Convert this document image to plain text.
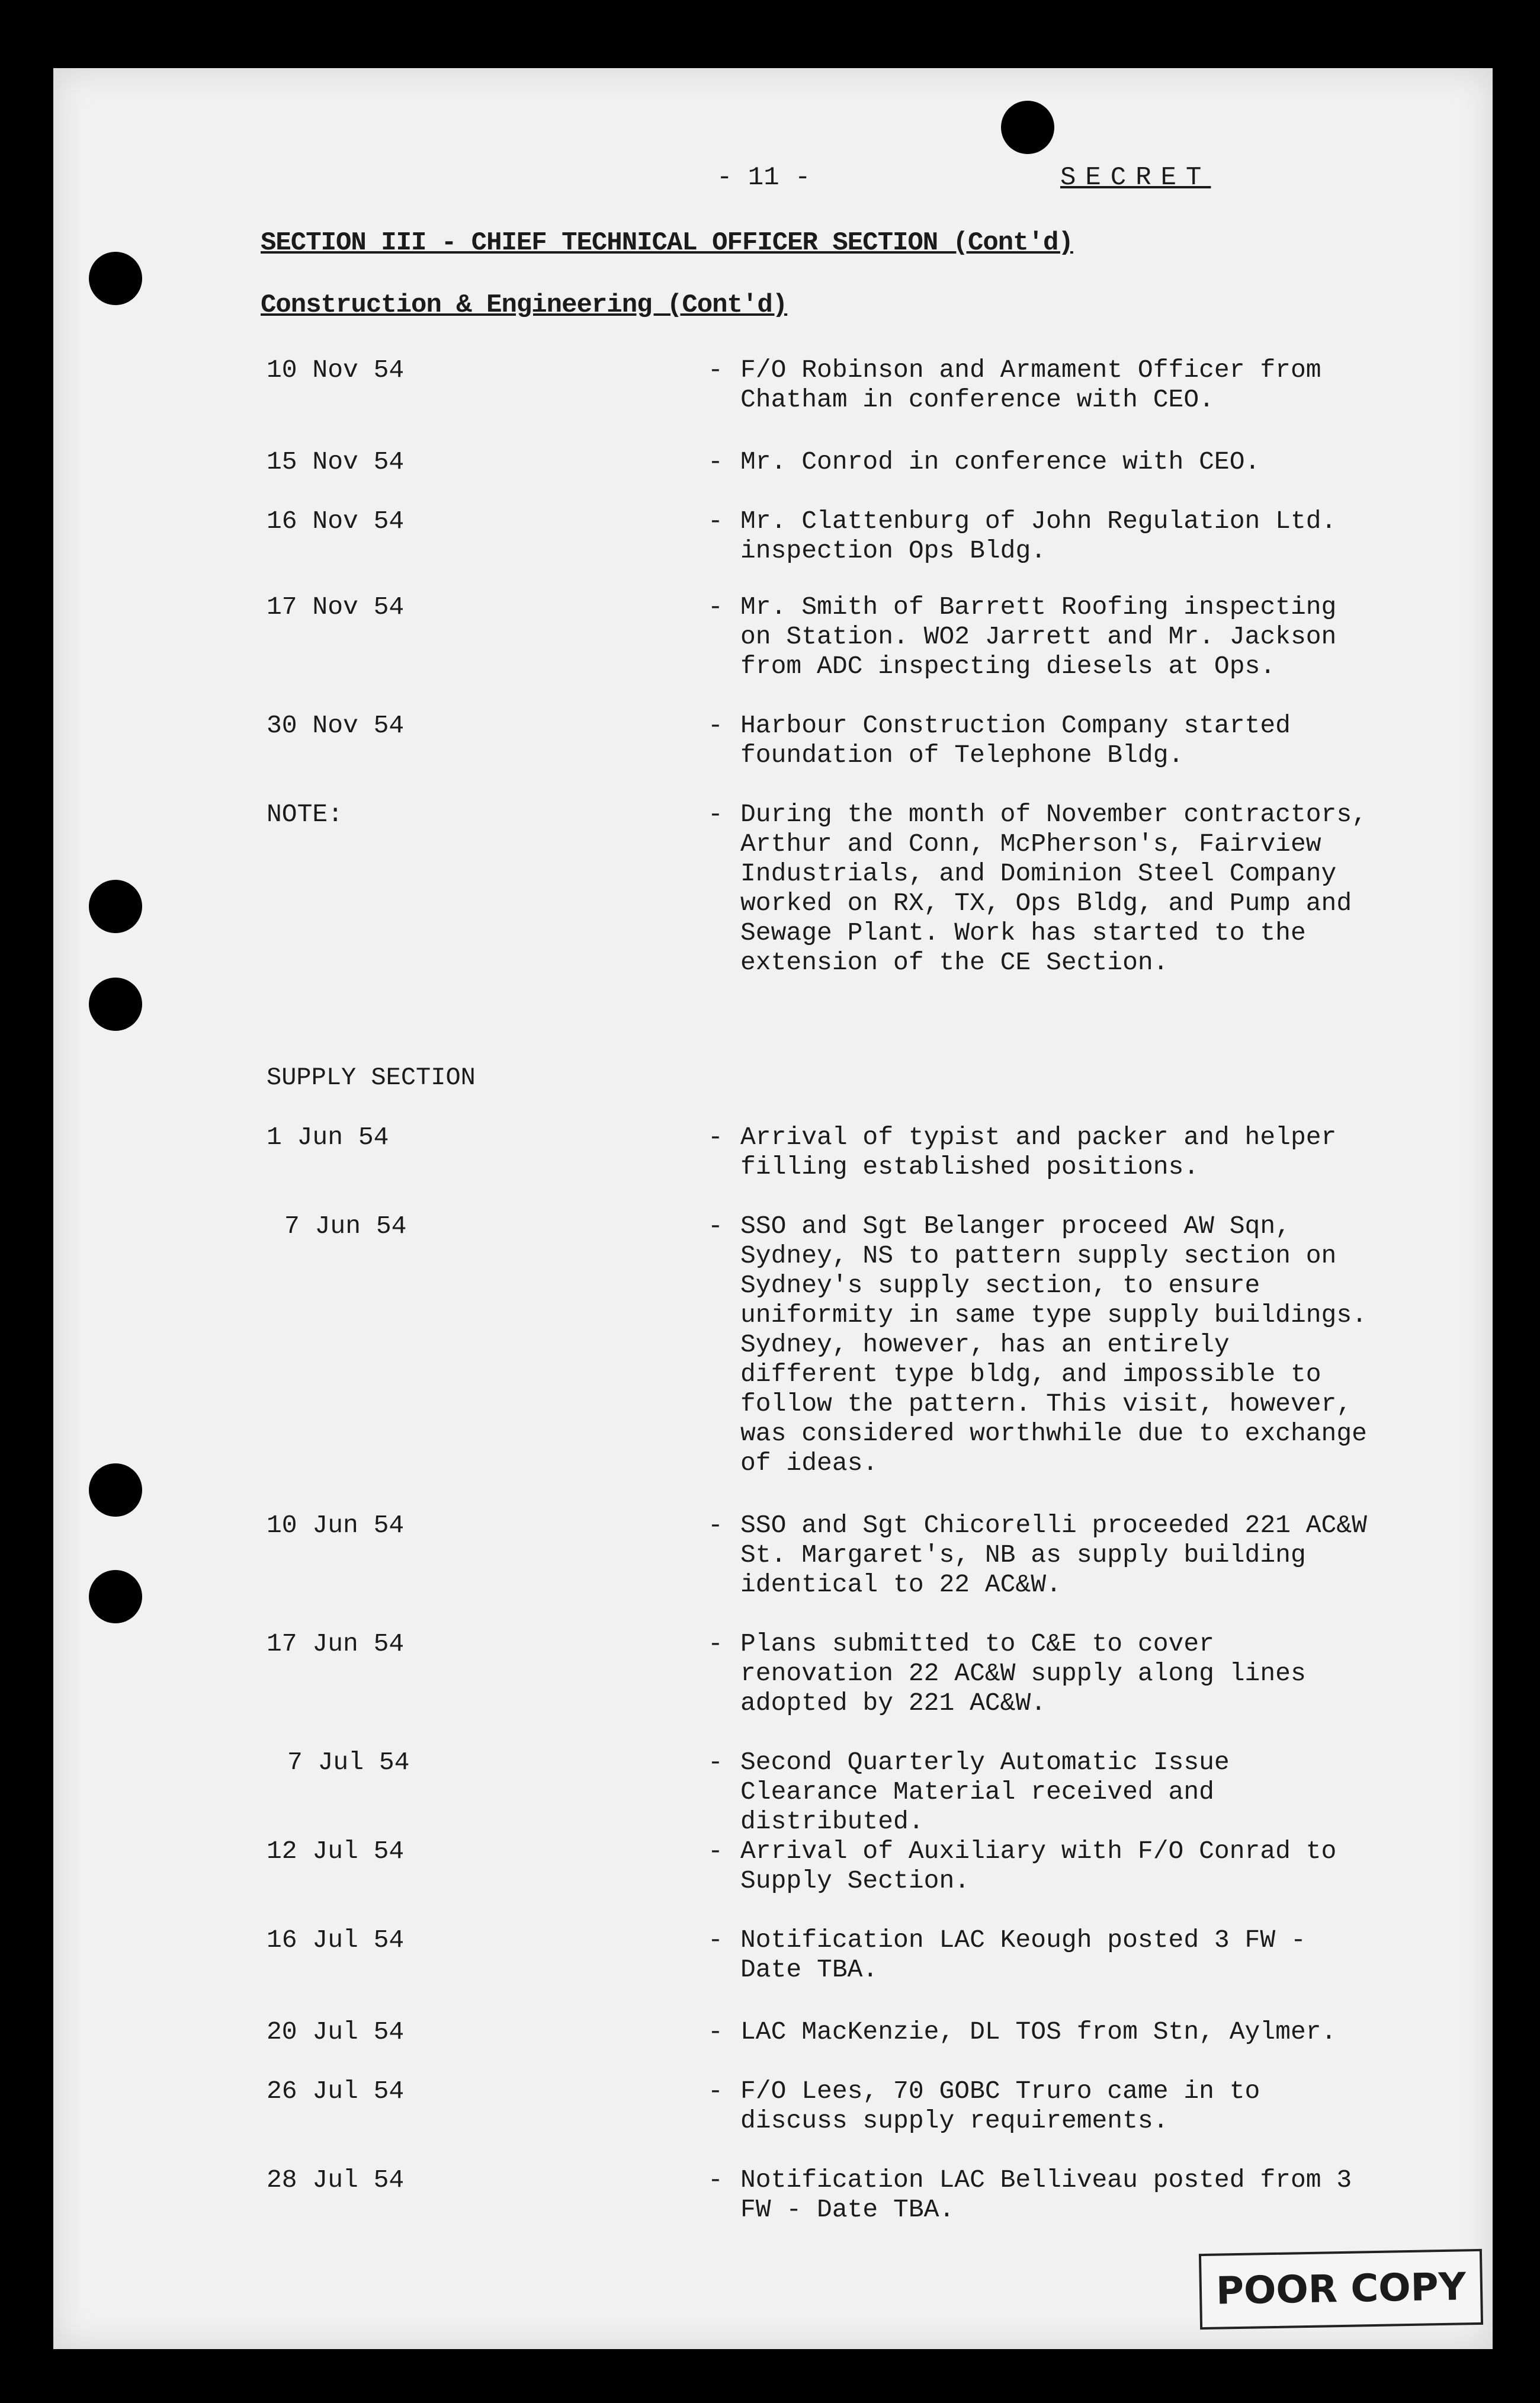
- 11 -	SECRET
SECTION III - CHIEF TECHNICAL OFFICER SECTION (Cont'd)
Construction & Engineering (Cont'd)
10 Nov 54	- F/O Robinson and Armament Officer from Chatham in conference with CEO.
15 Nov 54	- Mr. Conrod in conference with CEO.
16 Nov 54	- Mr. Clattenburg of John Regulation Ltd. inspection Ops Bldg.
17 Nov 54	- Mr. Smith of Barrett Roofing inspecting on Station. WO2 Jarrett and Mr. Jackson from ADC inspecting diesels at Ops.
30 Nov 54	- Harbour Construction Company started foundation of Telephone Bldg.
NOTE:	- During the month of November contractors, Arthur and Conn, McPherson's, Fairview Industrials, and Dominion Steel Company worked on RX, TX, Ops Bldg, and Pump and Sewage Plant. Work has started to the extension of the CE Section.
SUPPLY SECTION
1 Jun 54	- Arrival of typist and packer and helper filling established positions.
7 Jun 54	- SSO and Sgt Belanger proceed AW Sqn, Sydney, NS to pattern supply section on Sydney's supply section, to ensure uniformity in same type supply buildings. Sydney, however, has an entirely different type bldg, and impossible to follow the pattern. This visit, however, was considered worthwhile due to exchange of ideas.
10 Jun 54	- SSO and Sgt Chicorelli proceeded 221 AC&W St. Margaret's, NB as supply building identical to 22 AC&W.
17 Jun 54	- Plans submitted to C&E to cover renovation 22 AC&W supply along lines adopted by 221 AC&W.
7 Jul 54	- Second Quarterly Automatic Issue Clearance Material received and distributed.
12 Jul 54	- Arrival of Auxiliary with F/O Conrad to Supply Section.
16 Jul 54	- Notification LAC Keough posted 3 FW - Date TBA.
20 Jul 54	- LAC MacKenzie, DL TOS from Stn, Aylmer.
26 Jul 54	- F/O Lees, 70 GOBC Truro came in to discuss supply requirements.
28 Jul 54	- Notification LAC Belliveau posted from 3 FW - Date TBA.
POOR COPY
